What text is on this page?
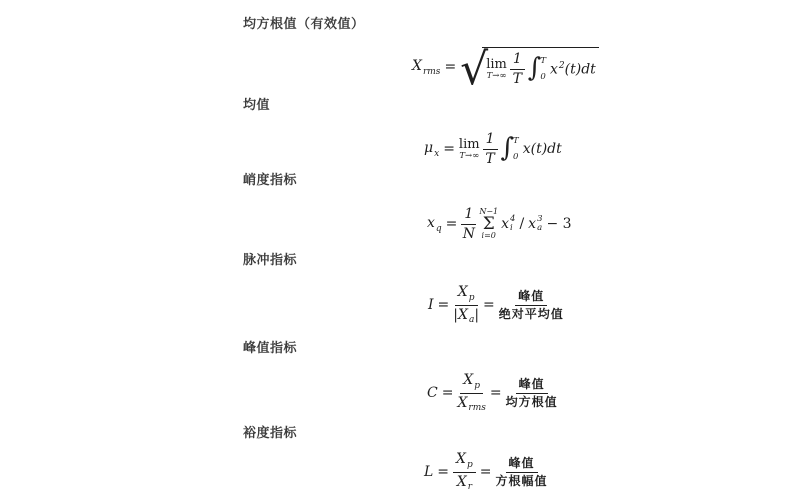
均方根值（有效值）
均值
峭度指标
脉冲指标
峰值指标
裕度指标
$X_{rms}$ = √
lim
$T\to\infty \frac{1}{T}$ ∫ T
0 $x^2(t)dt$
$\mu_x = \lim$
$T\to\infty \frac{1}{T}$ ∫ T
0 x(t)dt
$x_q = \frac{1}{N} N-1$
Σ
i=0
x 4
i / x 3
a − 3
$I = \frac{X_p}{|X_a|} = \frac{\text{峰值}}{\text{绝对平均值}}$
$C = \frac{X_p}{X_{rms}} = \frac{\text{峰值}}{\text{均方根值}}$
$L = \frac{X_p}{X_r} = \frac{\text{峰值}}{\text{方根幅值}}$
